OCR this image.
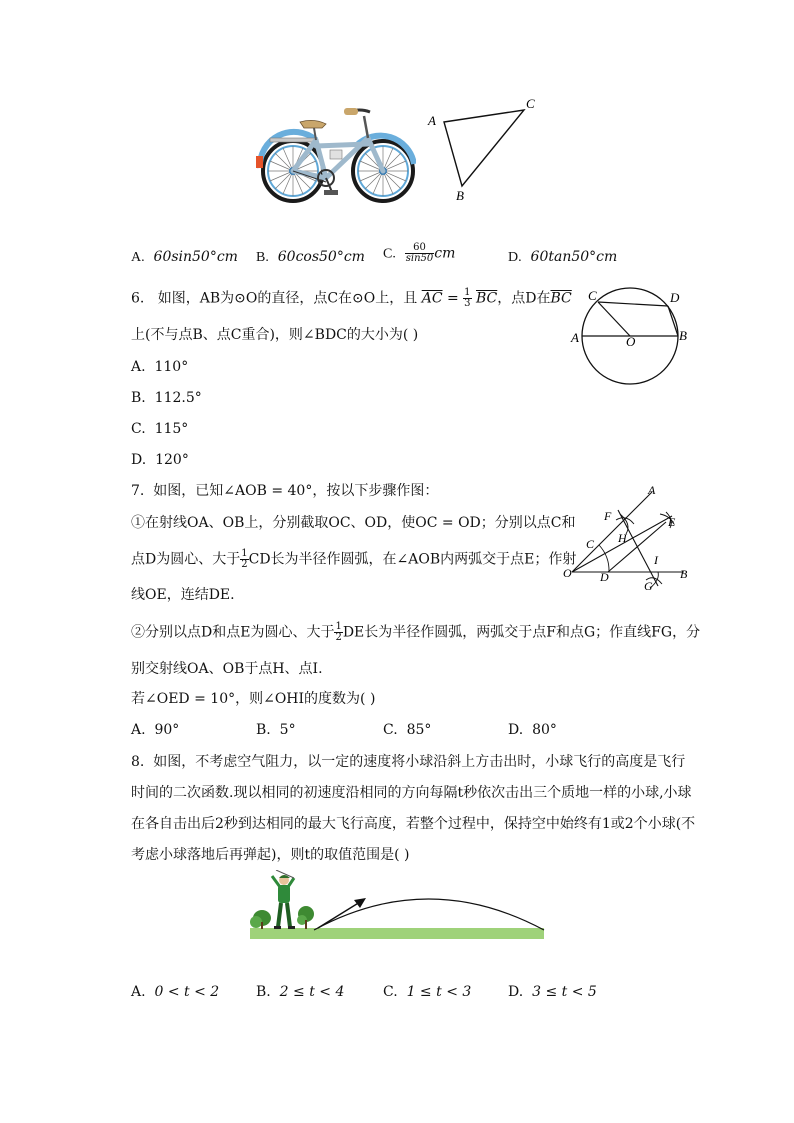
A
C
B
A. 60sin50°cm B. 60cos50°cm C. $\frac{60}{\sin 50}$ cm	D. 60tan50°cm
6. 如图，AB为⊙O的直径，点C在⊙O上，且 $\overline{AC} = \frac{1}{3} \overline{BC}$，点D在$\overline{BC}$
上(不与点B、点C重合)，则∠BDC的大小为( )
A. 110°
B. 112.5°
C. 115°
D. 120°
C	D
A	O	B
7. 如图，已知∠AOB = 40°，按以下步骤作图：
①在射线OA、OB上，分别截取OC、OD，使OC = OD；分别以点C和
点D为圆心、大于 $\frac{1}{2}$ CD长为半径作圆弧，在∠AOB内两弧交于点E；作射
线OE，连结DE.
②分别以点D和点E为圆心、大于 $\frac{1}{2}$ DE长为半径作圆弧，两弧交于点F和点G；作直线FG，分
别交射线OA、OB于点H、点I.
若∠OED = 10°，则∠OHI的度数为( )
A. 90°	B. 5°	C. 85°	D. 80°
A
F	E
H
C
I
O D
G
B
8. 如图，不考虑空气阻力，以一定的速度将小球沿斜上方击出时，小球飞行的高度是飞行
时间的二次函数.现以相同的初速度沿相同的方向每隔t秒依次击出三个质地一样的小球,小球
在各自击出后2秒到达相同的最大飞行高度，若整个过程中，保持空中始终有1或2个小球(不
考虑小球落地后再弹起)，则t的取值范围是( )
A. 0 < t < 2	B. 2 ≤ t < 4	C. 1 ≤ t < 3	D. 3 ≤ t < 5
